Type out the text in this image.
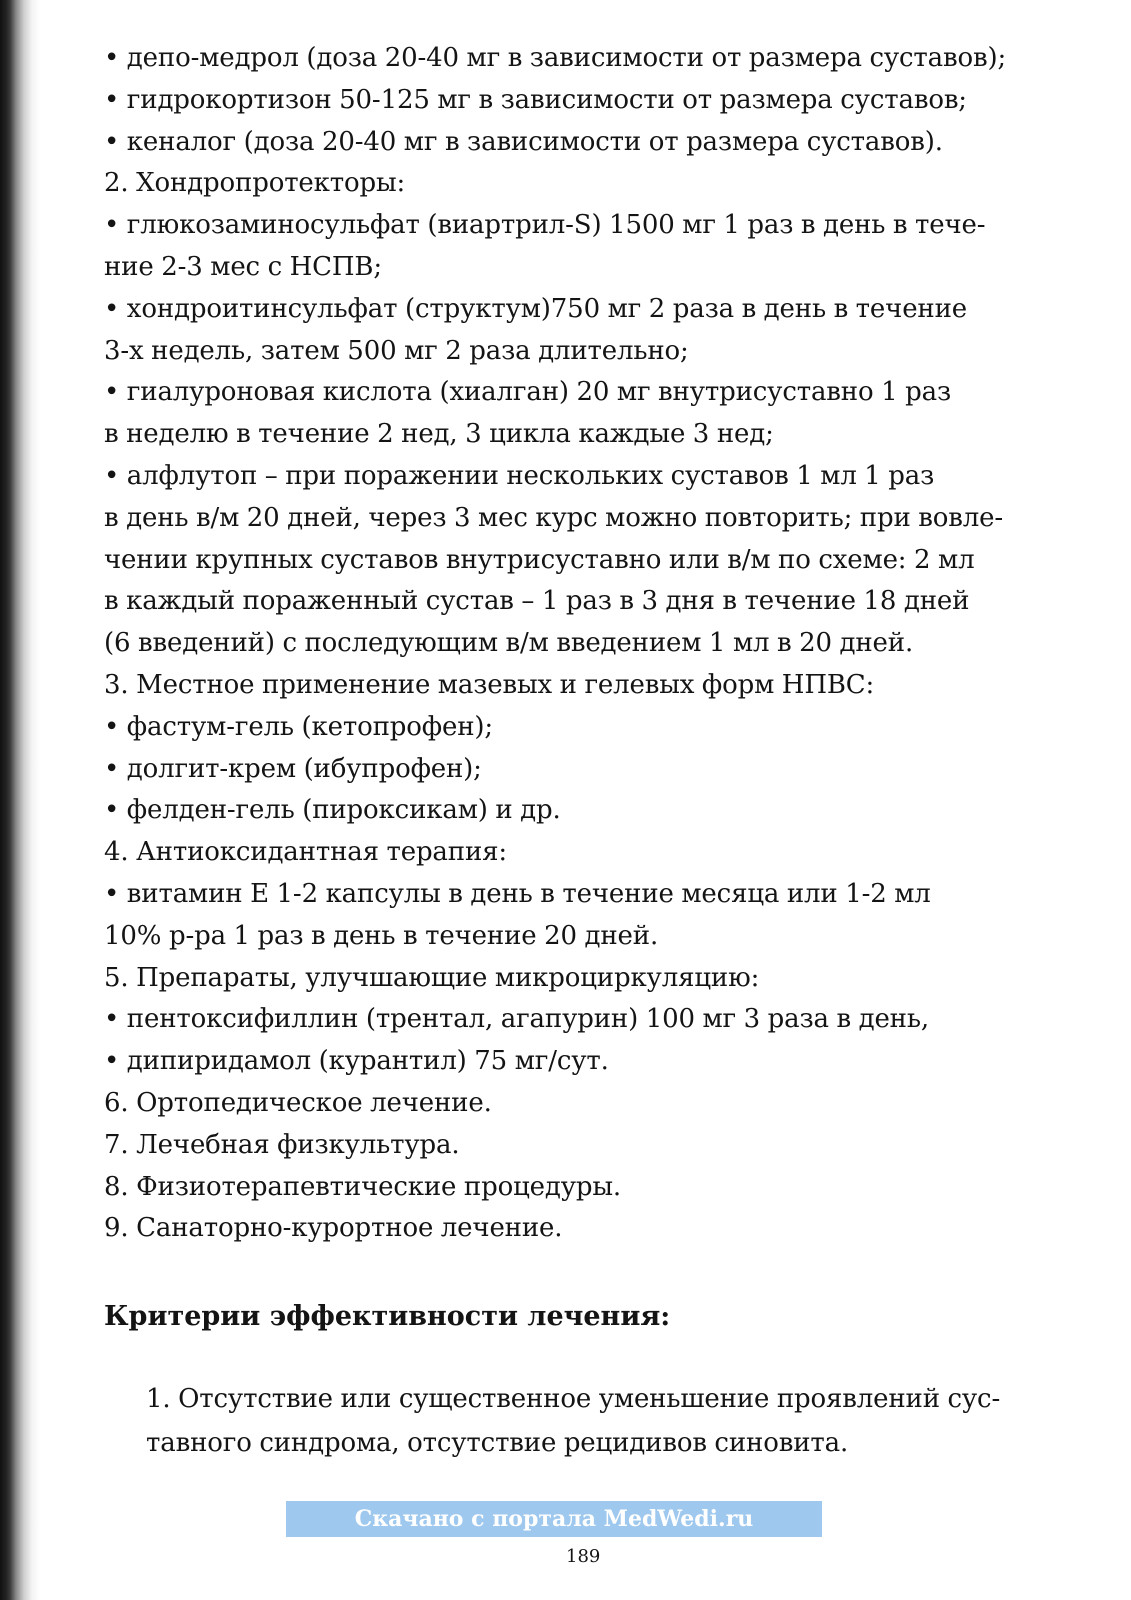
• депо-медрол (доза 20-40 мг в зависимости от размера суставов);
• гидрокортизон 50-125 мг в зависимости от размера суставов;
• кеналог (доза 20-40 мг в зависимости от размера суставов).
2. Хондропротекторы:
• глюкозаминосульфат (виартрил-S) 1500 мг 1 раз в день в тече-
ние 2-3 мес с НСПВ;
• хондроитинсульфат (структум)750 мг 2 раза в день в течение
3-х недель, затем 500 мг 2 раза длительно;
• гиалуроновая кислота (хиалган) 20 мг внутрисуставно 1 раз
в неделю в течение 2 нед, 3 цикла каждые 3 нед;
• алфлутоп – при поражении нескольких суставов 1 мл 1 раз
в день в/м 20 дней, через 3 мес курс можно повторить; при вовле-
чении крупных суставов внутрисуставно или в/м по схеме: 2 мл
в каждый пораженный сустав – 1 раз в 3 дня в течение 18 дней
(6 введений) с последующим в/м введением 1 мл в 20 дней.
3. Местное применение мазевых и гелевых форм НПВС:
• фастум-гель (кетопрофен);
• долгит-крем (ибупрофен);
• фелден-гель (пироксикам) и др.
4. Антиоксидантная терапия:
• витамин Е 1-2 капсулы в день в течение месяца или 1-2 мл
10% р-ра 1 раз в день в течение 20 дней.
5. Препараты, улучшающие микроциркуляцию:
• пентоксифиллин (трентал, агапурин) 100 мг 3 раза в день,
• дипиридамол (курантил) 75 мг/сут.
6. Ортопедическое лечение.
7. Лечебная физкультура.
8. Физиотерапевтические процедуры.
9. Санаторно-курортное лечение.
Критерии эффективности лечения:
1. Отсутствие или существенное уменьшение проявлений сус-
тавного синдрома, отсутствие рецидивов синовита.
Скачано с портала MedWedi.ru
189
